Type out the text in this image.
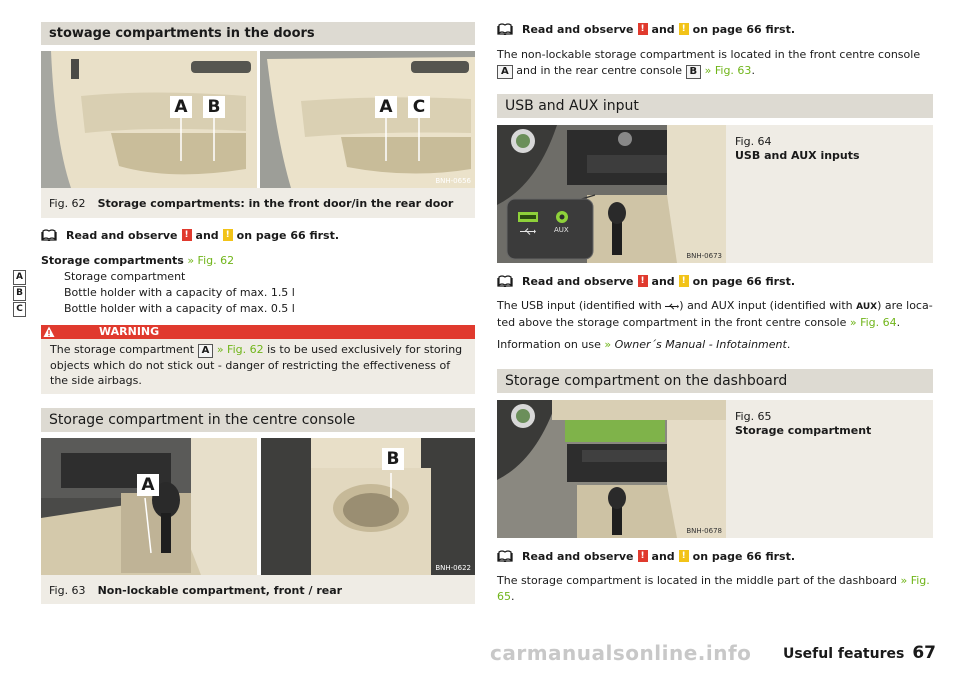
stowage compartments in the doors
A B	A C
BNH-0656
Fig. 62 Storage compartments: in the front door/in the rear door
Read and observe ! and ! on page 66 first.
Storage compartments » Fig. 62
A	Storage compartment
B	Bottle holder with a capacity of max. 1.5 l
C	Bottle holder with a capacity of max. 0.5 l
WARNING
The storage compartment A » Fig. 62 is to be used exclusively for storing objects which do not stick out - danger of restricting the effectiveness of the side airbags.
Storage compartment in the centre console
A
B
BNH-0622
Fig. 63 Non-lockable compartment, front / rear
Read and observe ! and ! on page 66 first.
The non-lockable storage compartment is located in the front centre console A and in the rear centre console B » Fig. 63.
USB and AUX input
AUX
BNH-0673
Fig. 64
USB and AUX inputs
Read and observe ! and ! on page 66 first.
The USB input (identified with ) and AUX input (identified with AUX) are loca-ted above the storage compartment in the front centre console » Fig. 64.
Information on use » Owner´s Manual - Infotainment.
Storage compartment on the dashboard
BNH-0678
Fig. 65
Storage compartment
Read and observe ! and ! on page 66 first.
The storage compartment is located in the middle part of the dashboard » Fig. 65.
carmanualsonline.info Useful features 67
